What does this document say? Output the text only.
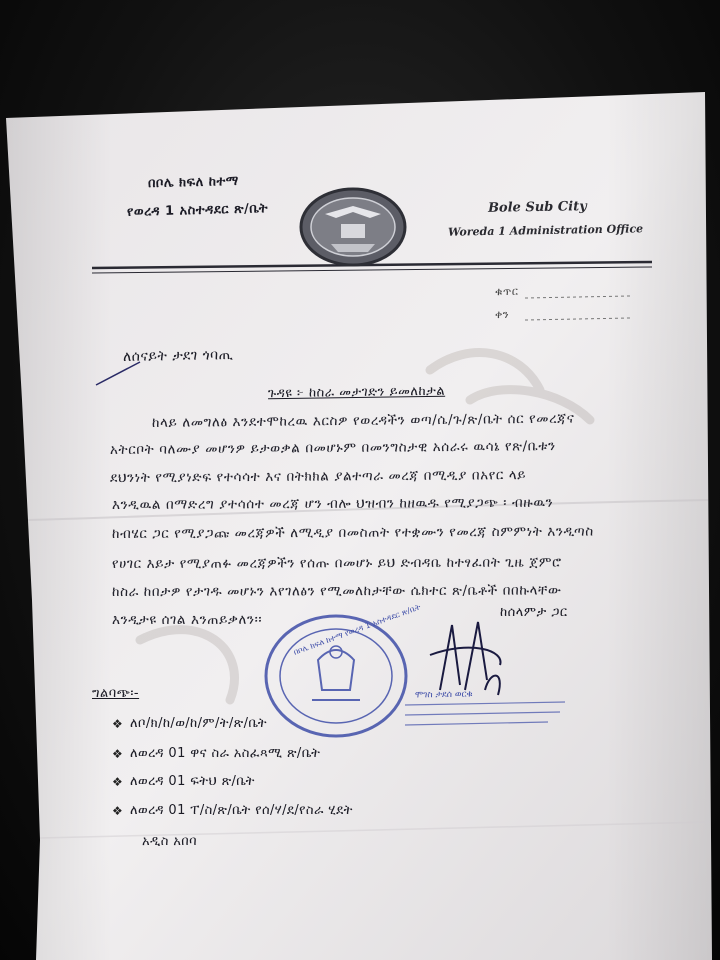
በቦሌ ክፍለ ከተማ
የወረዳ 1 አስተዳደር ጽ/ቤት	Bole Sub City
Woreda 1 Administration Office
ቁጥር
ቀን
ለሰናይት ታደገ ጎባጢ
ጉዳዩ ፦ ከስራ መታገድን ይመለከታል
ከላይ ለመግለፅ እንደተሞከረዉ እርስዎ የወረዳችን ወጣ/ሴ/ጉ/ጽ/ቤት ሰር የመረጃና
አትርቦት ባለሙያ መሆንዎ ይታወቃል በመሆኑም በመንግስታዊ አሰራሩ ዉሳኔ የጽ/ቤቱን
ደህንነት የሚያነድፍ የተሳሳተ እና በትክክል ያልተጣራ መረጃ በሚዲያ በአየር ላይ
እንዲዉል በማድረግ ያተሳሰተ መረጃ ሆን ብሎ ህዝብን ከዘዉዱ የሚያጋጭ ፡ ብዙዉን
ከብሄር ጋር የሚያጋጩ መረጃዎች ለሚዲያ በመስጠት የተቋሙን የመረጃ ስምምነት እንዲጣስ
የሀገር እይታ የሚያጠፉ መረጃዎችን የሰጡ በመሆኑ ይህ ድብዳቤ ከተፃፈበት ጊዜ ጀምሮ
ከስራ ከበታዎ የታገዱ መሆኑን እየገለፅን የሚመለከታቸው ሴክተር ጽ/ቤቶች በበኩላቸው
እንዲታዩ ሰገል እንጠይቃለን፡፡	ከሰላምታ ጋር
በቦሌ ክፍለ ከተማ የወረዳ 1 አስተዳደር ጽ/ቤት
ሞገስ ታደሰ ወርቁ
ግልባጭ፡-
❖ ለቦ/ክ/ከ/ወ/ከ/ም/ት/ጽ/ቤት
❖ ለወረዳ 01 ዋና ስራ አስፈጻሚ ጽ/ቤት
❖ ለወረዳ 01 ፍትህ ጽ/ቤት
❖ ለወረዳ 01 ፐ/ስ/ጽ/ቤት የሰ/ሃ/ደ/የስራ ሂደት
አዲስ አበባ
